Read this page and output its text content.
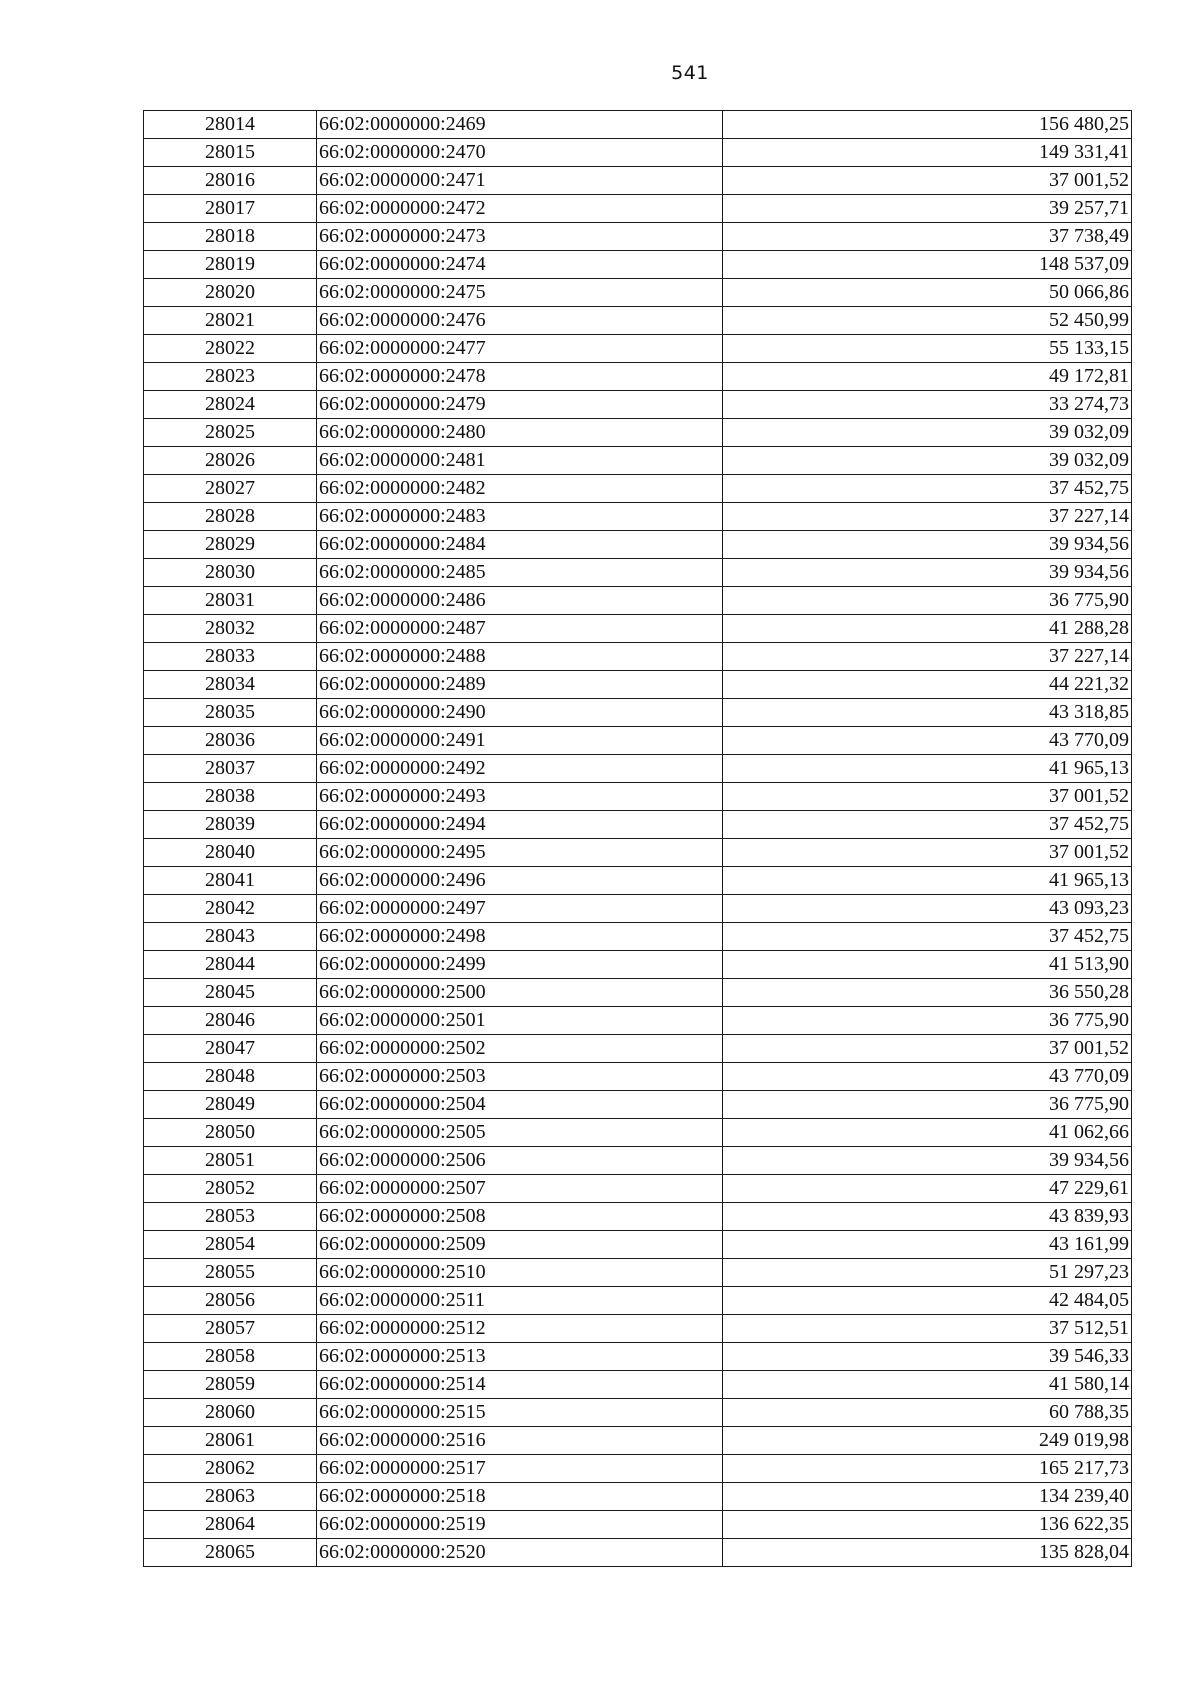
541
28014	66:02:0000000:2469	156 480,25
28015	66:02:0000000:2470	149 331,41
28016	66:02:0000000:2471	37 001,52
28017	66:02:0000000:2472	39 257,71
28018	66:02:0000000:2473	37 738,49
28019	66:02:0000000:2474	148 537,09
28020	66:02:0000000:2475	50 066,86
28021	66:02:0000000:2476	52 450,99
28022	66:02:0000000:2477	55 133,15
28023	66:02:0000000:2478	49 172,81
28024	66:02:0000000:2479	33 274,73
28025	66:02:0000000:2480	39 032,09
28026	66:02:0000000:2481	39 032,09
28027	66:02:0000000:2482	37 452,75
28028	66:02:0000000:2483	37 227,14
28029	66:02:0000000:2484	39 934,56
28030	66:02:0000000:2485	39 934,56
28031	66:02:0000000:2486	36 775,90
28032	66:02:0000000:2487	41 288,28
28033	66:02:0000000:2488	37 227,14
28034	66:02:0000000:2489	44 221,32
28035	66:02:0000000:2490	43 318,85
28036	66:02:0000000:2491	43 770,09
28037	66:02:0000000:2492	41 965,13
28038	66:02:0000000:2493	37 001,52
28039	66:02:0000000:2494	37 452,75
28040	66:02:0000000:2495	37 001,52
28041	66:02:0000000:2496	41 965,13
28042	66:02:0000000:2497	43 093,23
28043	66:02:0000000:2498	37 452,75
28044	66:02:0000000:2499	41 513,90
28045	66:02:0000000:2500	36 550,28
28046	66:02:0000000:2501	36 775,90
28047	66:02:0000000:2502	37 001,52
28048	66:02:0000000:2503	43 770,09
28049	66:02:0000000:2504	36 775,90
28050	66:02:0000000:2505	41 062,66
28051	66:02:0000000:2506	39 934,56
28052	66:02:0000000:2507	47 229,61
28053	66:02:0000000:2508	43 839,93
28054	66:02:0000000:2509	43 161,99
28055	66:02:0000000:2510	51 297,23
28056	66:02:0000000:2511	42 484,05
28057	66:02:0000000:2512	37 512,51
28058	66:02:0000000:2513	39 546,33
28059	66:02:0000000:2514	41 580,14
28060	66:02:0000000:2515	60 788,35
28061	66:02:0000000:2516	249 019,98
28062	66:02:0000000:2517	165 217,73
28063	66:02:0000000:2518	134 239,40
28064	66:02:0000000:2519	136 622,35
28065	66:02:0000000:2520	135 828,04
